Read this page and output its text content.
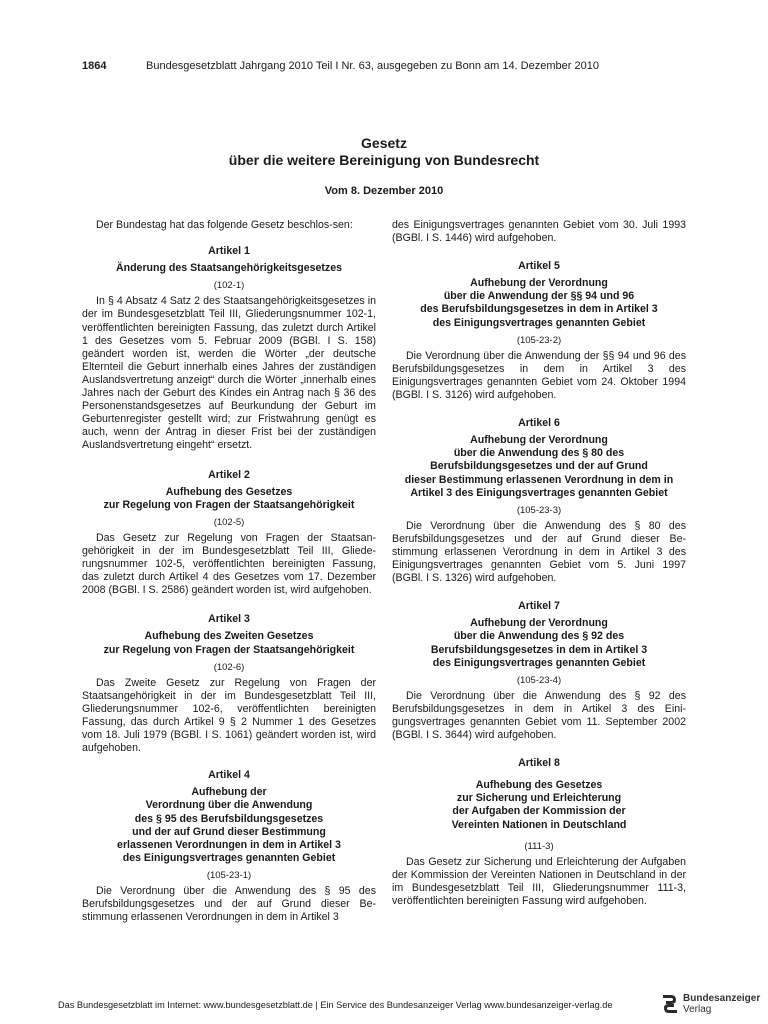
1864	Bundesgesetzblatt Jahrgang 2010 Teil I Nr. 63, ausgegeben zu Bonn am 14. Dezember 2010
Gesetz
über die weitere Bereinigung von Bundesrecht
Vom 8. Dezember 2010

Der Bundestag hat das folgende Gesetz beschlos-sen:

Artikel 1
Änderung des Staatsangehörigkeitsgesetzes
(102-1)

In § 4 Absatz 4 Satz 2 des Staatsangehörigkeitsgesetzes in der im Bundesgesetzblatt Teil III, Gliederungsnummer 102-1, veröffentlichten bereinigten Fassung, das zuletzt durch Artikel 1 des Gesetzes vom 5. Februar 2009 (BGBl. I S. 158) geändert worden ist, werden die Wörter „der deutsche Elternteil die Geburt innerhalb eines Jahres der zuständigen Auslandsvertretung anzeigt“ durch die Wörter „innerhalb eines Jahres nach der Geburt des Kindes ein Antrag nach § 36 des Personenstandsgesetzes auf Beurkundung der Geburt im Geburtenregister gestellt wird; zur Fristwahrung genügt es auch, wenn der Antrag in dieser Frist bei der zuständigen Auslandsvertretung eingeht“ ersetzt.

Artikel 2
Aufhebung des Gesetzes
zur Regelung von Fragen der Staatsangehörigkeit
(102-5)

Das Gesetz zur Regelung von Fragen der Staatsangehörigkeit in der im Bundesgesetzblatt Teil III, Gliederungsnummer 102-5, veröffentlichten bereinigten Fassung, das zuletzt durch Artikel 4 des Gesetzes vom 17. Dezember 2008 (BGBl. I S. 2586) geändert worden ist, wird aufgehoben.

Artikel 3
Aufhebung des Zweiten Gesetzes
zur Regelung von Fragen der Staatsangehörigkeit
(102-6)

Das Zweite Gesetz zur Regelung von Fragen der Staatsangehörigkeit in der im Bundesgesetzblatt Teil III, Gliederungsnummer 102-6, veröffentlichten bereinigten Fassung, das durch Artikel 9 § 2 Nummer 1 des Gesetzes vom 18. Juli 1979 (BGBl. I S. 1061) geändert worden ist, wird aufgehoben.

Artikel 4
Aufhebung der
Verordnung über die Anwendung
des § 95 des Berufsbildungsgesetzes
und der auf Grund dieser Bestimmung
erlassenen Verordnungen in dem in Artikel 3
des Einigungsvertrages genannten Gebiet
(105-23-1)

Die Verordnung über die Anwendung des § 95 des Berufsbildungsgesetzes und der auf Grund dieser Bestimmung erlassenen Verordnungen in dem in Artikel 3

des Einigungsvertrages genannten Gebiet vom 30. Juli 1993 (BGBl. I S. 1446) wird aufgehoben.

Artikel 5
Aufhebung der Verordnung
über die Anwendung der §§ 94 und 96
des Berufsbildungsgesetzes in dem in Artikel 3
des Einigungsvertrages genannten Gebiet
(105-23-2)

Die Verordnung über die Anwendung der §§ 94 und 96 des Berufsbildungsgesetzes in dem in Artikel 3 des Einigungsvertrages genannten Gebiet vom 24. Oktober 1994 (BGBl. I S. 3126) wird aufgehoben.

Artikel 6
Aufhebung der Verordnung
über die Anwendung des § 80 des
Berufsbildungsgesetzes und der auf Grund
dieser Bestimmung erlassenen Verordnung in dem in
Artikel 3 des Einigungsvertrages genannten Gebiet
(105-23-3)

Die Verordnung über die Anwendung des § 80 des Berufsbildungsgesetzes und der auf Grund dieser Bestimmung erlassenen Verordnung in dem in Artikel 3 des Einigungsvertrages genannten Gebiet vom 5. Juni 1997 (BGBl. I S. 1326) wird aufgehoben.

Artikel 7
Aufhebung der Verordnung
über die Anwendung des § 92 des
Berufsbildungsgesetzes in dem in Artikel 3
des Einigungsvertrages genannten Gebiet
(105-23-4)

Die Verordnung über die Anwendung des § 92 des Berufsbildungsgesetzes in dem in Artikel 3 des Einigungsvertrages genannten Gebiet vom 11. September 2002 (BGBl. I S. 3644) wird aufgehoben.

Artikel 8
Aufhebung des Gesetzes
zur Sicherung und Erleichterung
der Aufgaben der Kommission der
Vereinten Nationen in Deutschland
(111-3)

Das Gesetz zur Sicherung und Erleichterung der Aufgaben der Kommission der Vereinten Nationen in Deutschland in der im Bundesgesetzblatt Teil III, Gliederungsnummer 111-3, veröffentlichten bereinigten Fassung wird aufgehoben.

Das Bundesgesetzblatt im Internet: www.bundesgesetzblatt.de | Ein Service des Bundesanzeiger Verlag www.bundesanzeiger-verlag.de
Bundesanzeiger
Verlag
